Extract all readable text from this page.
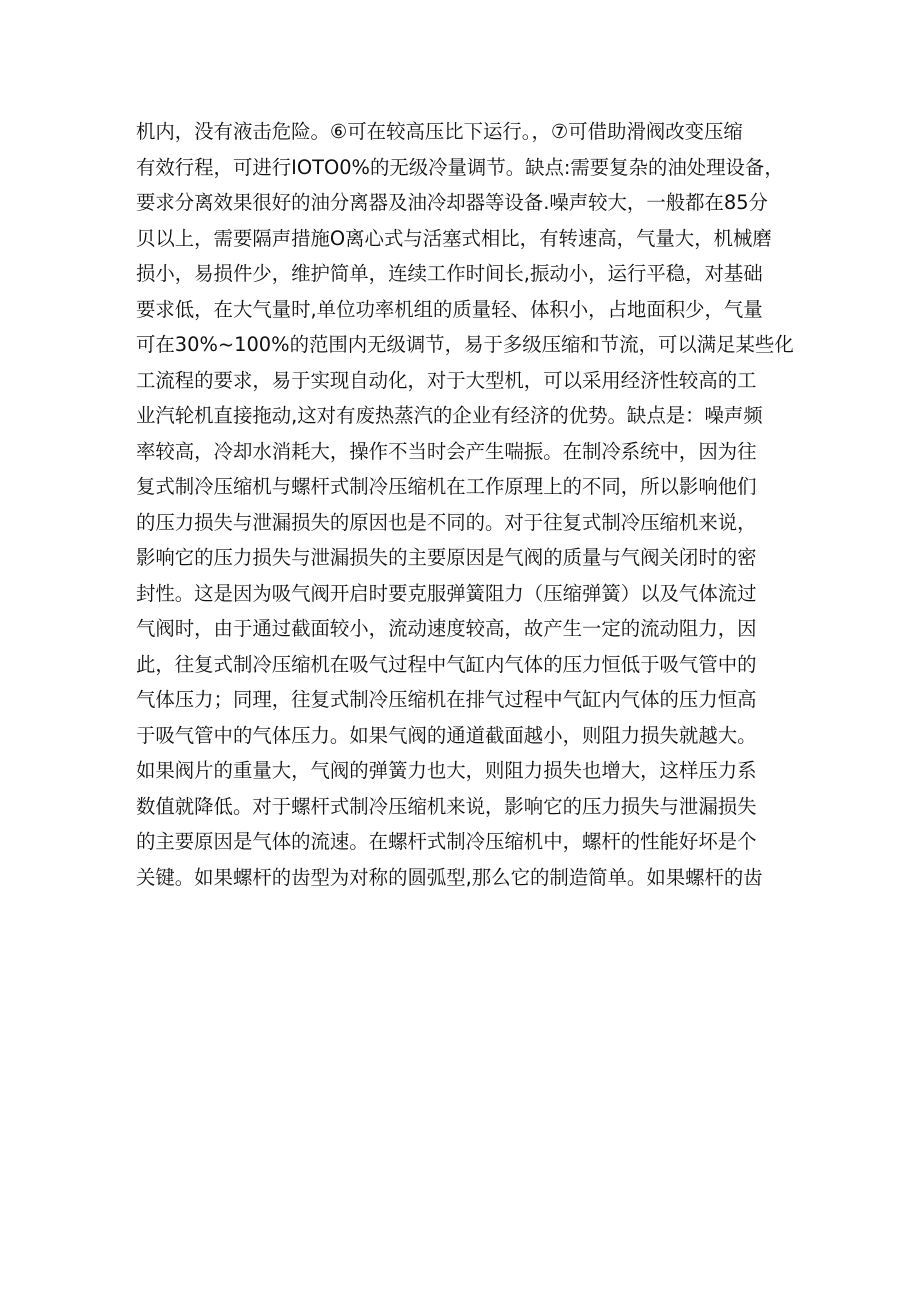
机内，没有液击危险。⑥可在较高压比下运行。，⑦可借助滑阀改变压缩
有效行程，可进行IOTO0%的无级冷量调节。缺点:需要复杂的油处理设备，
要求分离效果很好的油分离器及油冷却器等设备.噪声较大，一般都在85分
贝以上，需要隔声措施O离心式与活塞式相比，有转速高，气量大，机械磨
损小，易损件少，维护简单，连续工作时间长,振动小，运行平稳，对基础
要求低，在大气量时,单位功率机组的质量轻、体积小，占地面积少，气量
可在30%~100%的范围内无级调节，易于多级压缩和节流，可以满足某些化
工流程的要求，易于实现自动化，对于大型机，可以采用经济性较高的工
业汽轮机直接拖动,这对有废热蒸汽的企业有经济的优势。缺点是：噪声频
率较高，冷却水消耗大，操作不当时会产生喘振。在制冷系统中，因为往
复式制冷压缩机与螺杆式制冷压缩机在工作原理上的不同，所以影响他们
的压力损失与泄漏损失的原因也是不同的。对于往复式制冷压缩机来说，
影响它的压力损失与泄漏损失的主要原因是气阀的质量与气阀关闭时的密
封性。这是因为吸气阀开启时要克服弹簧阻力（压缩弹簧）以及气体流过
气阀时，由于通过截面较小，流动速度较高，故产生一定的流动阻力，因
此，往复式制冷压缩机在吸气过程中气缸内气体的压力恒低于吸气管中的
气体压力；同理，往复式制冷压缩机在排气过程中气缸内气体的压力恒高
于吸气管中的气体压力。如果气阀的通道截面越小，则阻力损失就越大。
如果阀片的重量大，气阀的弹簧力也大，则阻力损失也增大，这样压力系
数值就降低。对于螺杆式制冷压缩机来说，影响它的压力损失与泄漏损失
的主要原因是气体的流速。在螺杆式制冷压缩机中，螺杆的性能好坏是个
关键。如果螺杆的齿型为对称的圆弧型,那么它的制造简单。如果螺杆的齿
